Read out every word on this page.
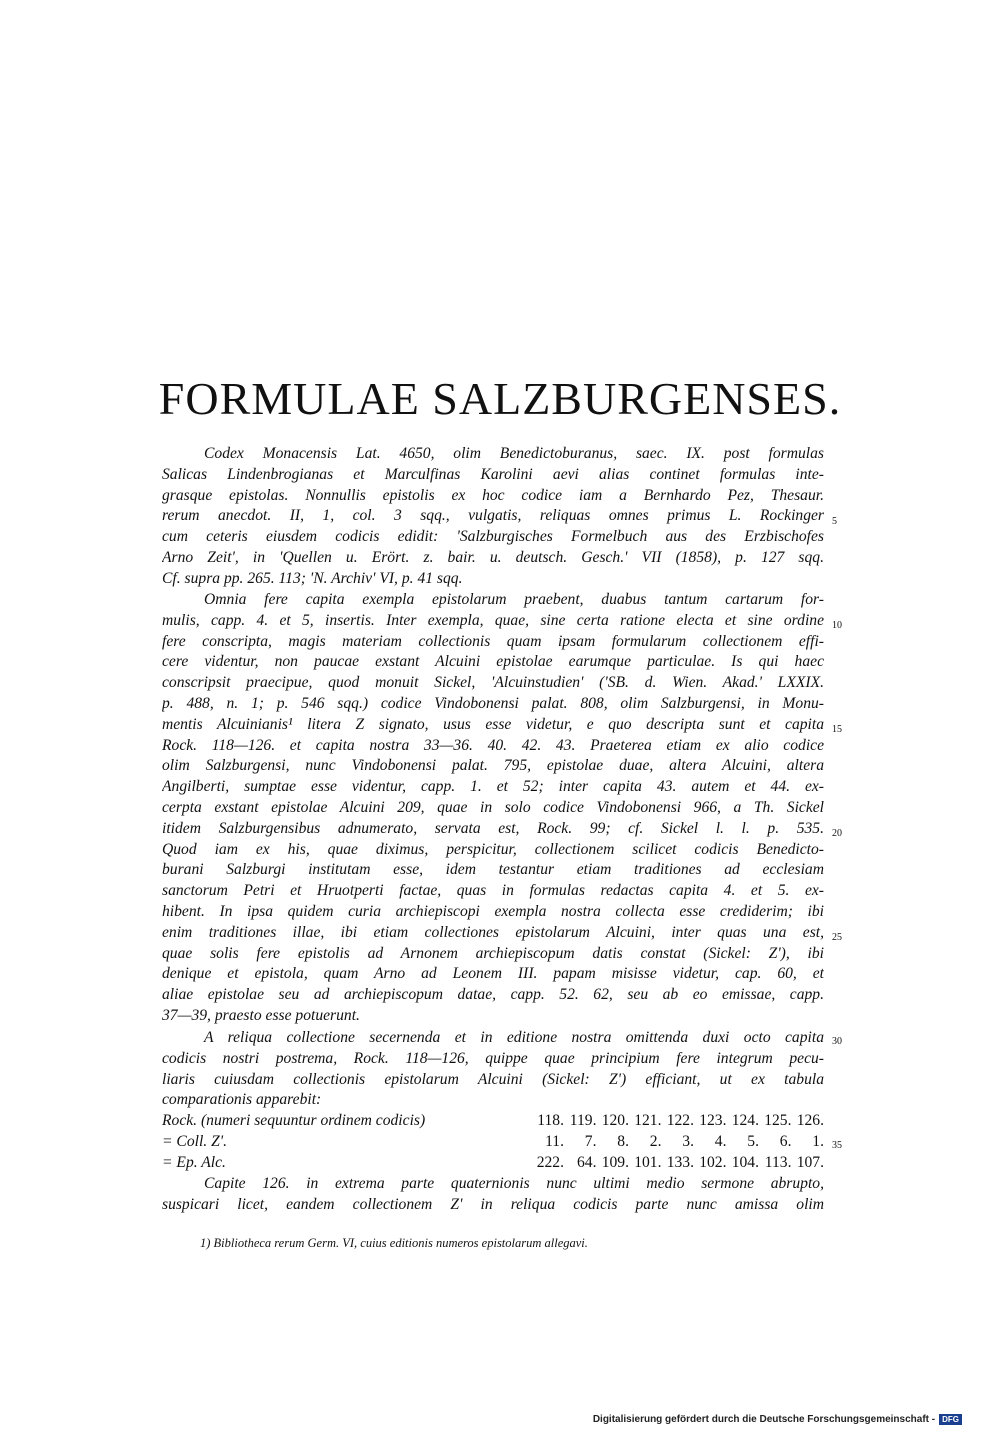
FORMULAE SALZBURGENSES.
Codex Monacensis Lat. 4650, olim Benedictoburanus, saec. IX. post formulas
Salicas Lindenbrogianas et Marculfinas Karolini aevi alias continet formulas inte-
grasque epistolas. Nonnullis epistolis ex hoc codice iam a Bernhardo Pez, Thesaur.
rerum anecdot. II, 1, col. 3 sqq., vulgatis, reliquas omnes primus L. Rockinger
cum ceteris eiusdem codicis edidit: 'Salzburgisches Formelbuch aus des Erzbischofes
Arno Zeit', in 'Quellen u. Erört. z. bair. u. deutsch. Gesch.' VII (1858), p. 127 sqq.
Cf. supra pp. 265. 113; 'N. Archiv' VI, p. 41 sqq.
Omnia fere capita exempla epistolarum praebent, duabus tantum cartarum for-
mulis, capp. 4. et 5, insertis. Inter exempla, quae, sine certa ratione electa et sine ordine
fere conscripta, magis materiam collectionis quam ipsam formularum collectionem effi-
cere videntur, non paucae exstant Alcuini epistolae earumque particulae. Is qui haec
conscripsit praecipue, quod monuit Sickel, 'Alcuinstudien' ('SB. d. Wien. Akad.' LXXIX.
p. 488, n. 1; p. 546 sqq.) codice Vindobonensi palat. 808, olim Salzburgensi, in Monu-
mentis Alcuinianis¹ litera Z signato, usus esse videtur, e quo descripta sunt et capita
Rock. 118—126. et capita nostra 33—36. 40. 42. 43. Praeterea etiam ex alio codice
olim Salzburgensi, nunc Vindobonensi palat. 795, epistolae duae, altera Alcuini, altera
Angilberti, sumptae esse videntur, capp. 1. et 52; inter capita 43. autem et 44. ex-
cerpta exstant epistolae Alcuini 209, quae in solo codice Vindobonensi 966, a Th. Sickel
itidem Salzburgensibus adnumerato, servata est, Rock. 99; cf. Sickel l. l. p. 535.
Quod iam ex his, quae diximus, perspicitur, collectionem scilicet codicis Benedicto-
burani Salzburgi institutam esse, idem testantur etiam traditiones ad ecclesiam
sanctorum Petri et Hruotperti factae, quas in formulas redactas capita 4. et 5. ex-
hibent. In ipsa quidem curia archiepiscopi exempla nostra collecta esse crediderim; ibi
enim traditiones illae, ibi etiam collectiones epistolarum Alcuini, inter quas una est,
quae solis fere epistolis ad Arnonem archiepiscopum datis constat (Sickel: Z'), ibi
denique et epistola, quam Arno ad Leonem III. papam misisse videtur, cap. 60, et
aliae epistolae seu ad archiepiscopum datae, capp. 52. 62, seu ab eo emissae, capp.
37—39, praesto esse potuerunt.
A reliqua collectione secernenda et in editione nostra omittenda duxi octo capita
codicis nostri postrema, Rock. 118—126, quippe quae principium fere integrum pecu-
liaris cuiusdam collectionis epistolarum Alcuini (Sickel: Z') efficiant, ut ex tabula
comparationis apparebit:
Rock. (numeri sequuntur ordinem codicis)	118. 119. 120. 121. 122. 123. 124. 125. 126.
= Coll. Z'.	11.	7.	8.	2.	3.	4.	5.	6.	1.
= Ep. Alc.	222. 64. 109. 101. 133. 102. 104. 113. 107.
Capite 126. in extrema parte quaternionis nunc ultimi medio sermone abrupto,
suspicari licet, eandem collectionem Z' in reliqua codicis parte nunc amissa olim
5
10
15
20
25
30
35
1) Bibliotheca rerum Germ. VI, cuius editionis numeros epistolarum allegavi.
Digitalisierung gefördert durch die Deutsche Forschungsgemeinschaft - DFG
